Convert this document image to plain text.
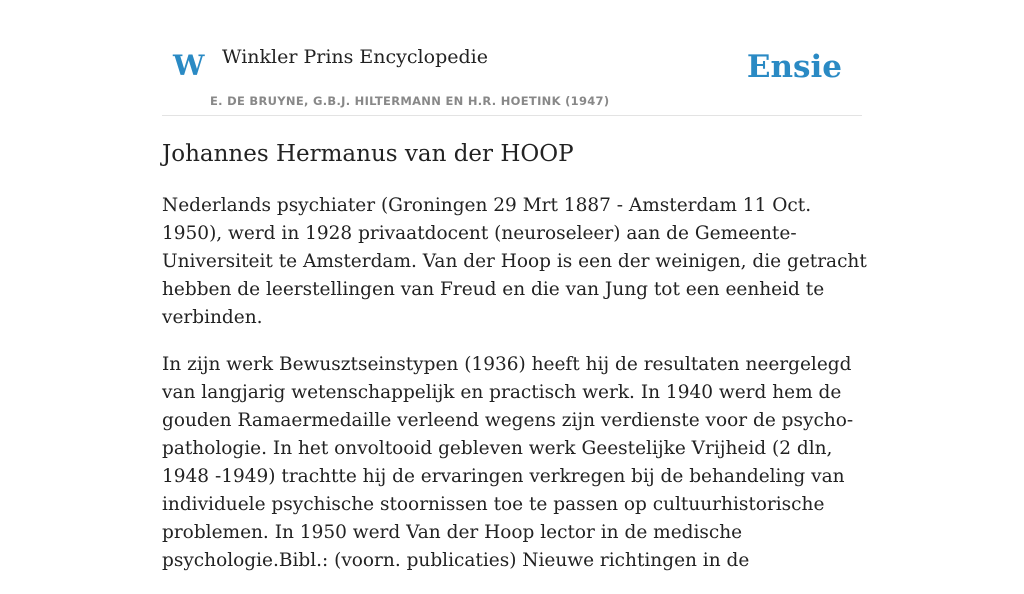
W Winkler Prins Encyclopedie
E. DE BRUYNE, G.B.J. HILTERMANN EN H.R. HOETINK (1947)
Ensie
Johannes Hermanus van der HOOP

Nederlands psychiater (Groningen 29 Mrt 1887 - Amsterdam 11 Oct. 1950), werd in 1928 privaatdocent (neuroseleer) aan de Gemeente-Universiteit te Amsterdam. Van der Hoop is een der weinigen, die getracht hebben de leerstellingen van Freud en die van Jung tot een eenheid te verbinden.

In zijn werk Bewusztseinstypen (1936) heeft hij de resultaten neergelegd van langjarig wetenschappelijk en practisch werk. In 1940 werd hem de gouden Ramaermedaille verleend wegens zijn verdienste voor de psycho-pathologie. In het onvoltooid gebleven werk Geestelijke Vrijheid (2 dln, 1948 -1949) trachtte hij de ervaringen verkregen bij de behandeling van individuele psychische stoornissen toe te passen op cultuurhistorische problemen. In 1950 werd Van der Hoop lector in de medische psychologie.Bibl.: (voorn. publicaties) Nieuwe richtingen in de
